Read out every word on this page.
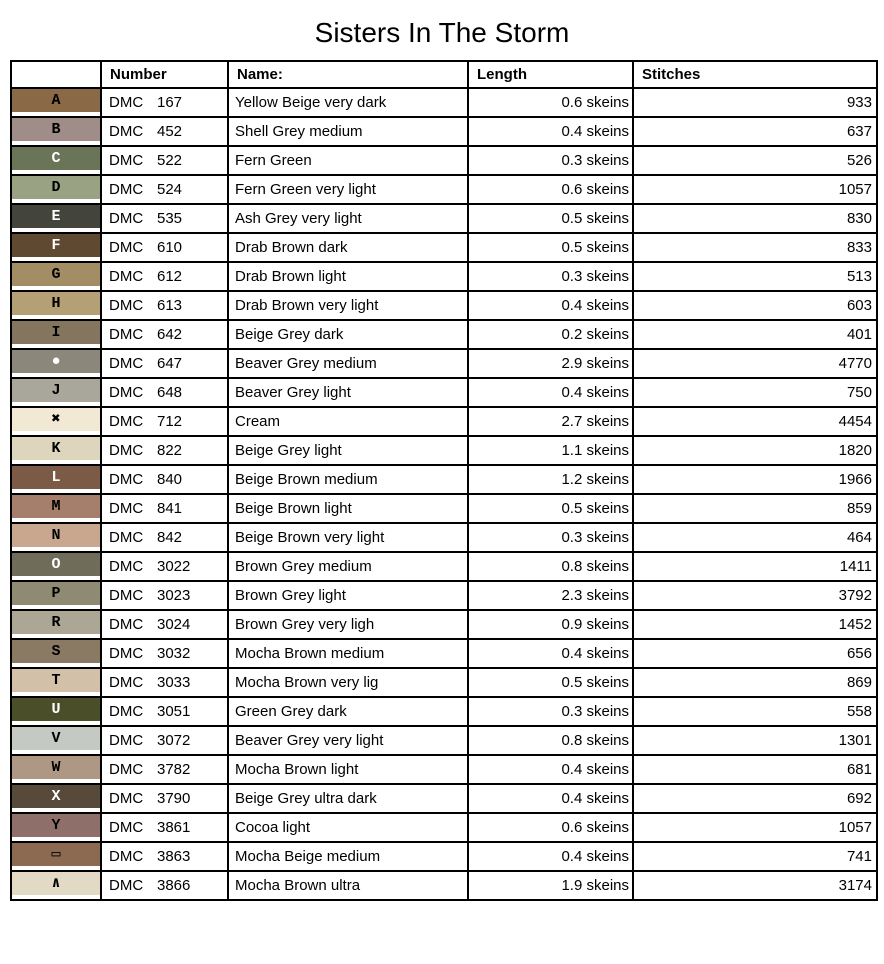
Sisters In The Storm
	Number	Name:	Length	Stitches

A	DMC 167	Yellow Beige very dark	0.6 skeins	933

B	DMC 452	Shell Grey medium	0.4 skeins	637

C	DMC 522	Fern Green	0.3 skeins	526

D	DMC 524	Fern Green very light	0.6 skeins	1057

E	DMC 535	Ash Grey very light	0.5 skeins	830

F	DMC 610	Drab Brown dark	0.5 skeins	833

G	DMC 612	Drab Brown light	0.3 skeins	513

H	DMC 613	Drab Brown very light	0.4 skeins	603

I	DMC 642	Beige Grey dark	0.2 skeins	401

●	DMC 647	Beaver Grey medium	2.9 skeins	4770

J	DMC 648	Beaver Grey light	0.4 skeins	750

✖	DMC 712	Cream	2.7 skeins	4454

K	DMC 822	Beige Grey light	1.1 skeins	1820

L	DMC 840	Beige Brown medium	1.2 skeins	1966

M	DMC 841	Beige Brown light	0.5 skeins	859

N	DMC 842	Beige Brown very light	0.3 skeins	464

O	DMC 3022	Brown Grey medium	0.8 skeins	1411

P	DMC 3023	Brown Grey light	2.3 skeins	3792

R	DMC 3024	Brown Grey very ligh	0.9 skeins	1452

S	DMC 3032	Mocha Brown medium	0.4 skeins	656

T	DMC 3033	Mocha Brown very lig	0.5 skeins	869

U	DMC 3051	Green Grey dark	0.3 skeins	558

V	DMC 3072	Beaver Grey very light	0.8 skeins	1301

W	DMC 3782	Mocha Brown light	0.4 skeins	681

X	DMC 3790	Beige Grey ultra dark	0.4 skeins	692

Y	DMC 3861	Cocoa light	0.6 skeins	1057

▭	DMC 3863	Mocha Beige medium	0.4 skeins	741

∧	DMC 3866	Mocha Brown ultra	1.9 skeins	3174
